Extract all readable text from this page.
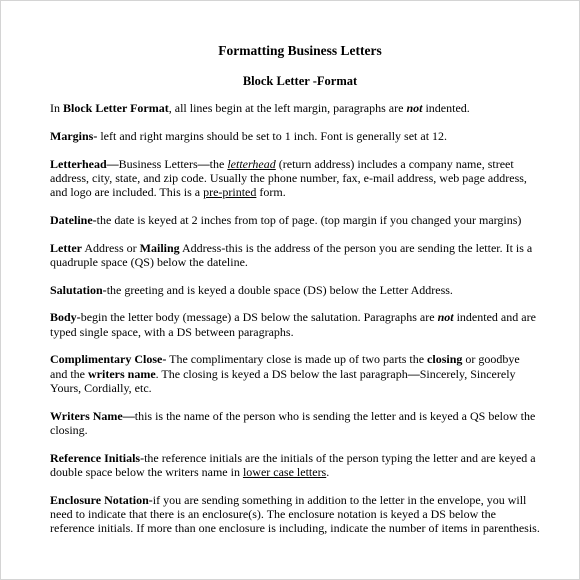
Formatting Business Letters
Block Letter -Format

In Block Letter Format, all lines begin at the left margin, paragraphs are not indented.

Margins- left and right margins should be set to 1 inch. Font is generally set at 12.

Letterhead—Business Letters—the letterhead (return address) includes a company name, street address, city, state, and zip code. Usually the phone number, fax, e-mail address, web page address, and logo are included. This is a pre-printed form.

Dateline-the date is keyed at 2 inches from top of page. (top margin if you changed your margins)

Letter Address or Mailing Address-this is the address of the person you are sending the letter. It is a quadruple space (QS) below the dateline.

Salutation-the greeting and is keyed a double space (DS) below the Letter Address.

Body-begin the letter body (message) a DS below the salutation. Paragraphs are not indented and are typed single space, with a DS between paragraphs.

Complimentary Close- The complimentary close is made up of two parts the closing or goodbye and the writers name. The closing is keyed a DS below the last paragraph—Sincerely, Sincerely Yours, Cordially, etc.

Writers Name—this is the name of the person who is sending the letter and is keyed a QS below the closing.

Reference Initials-the reference initials are the initials of the person typing the letter and are keyed a double space below the writers name in lower case letters.

Enclosure Notation-if you are sending something in addition to the letter in the envelope, you will need to indicate that there is an enclosure(s). The enclosure notation is keyed a DS below the reference initials. If more than one enclosure is including, indicate the number of items in parenthesis.
